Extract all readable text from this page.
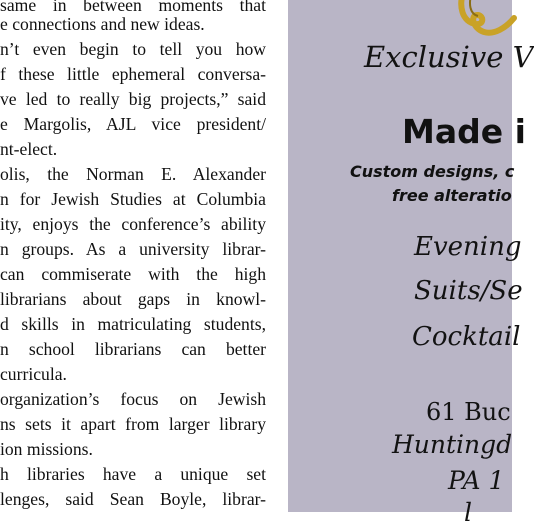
same in between moments that
e connections and new ideas.
n’t even begin to tell you how
f these little ephemeral conversa-
ve led to really big projects,” said
e Margolis, AJL vice president/
nt-elect.
olis, the Norman E. Alexander
n for Jewish Studies at Columbia
ity, enjoys the conference’s ability
n groups. As a university librar-
can commiserate with the high
librarians about gaps in knowl-
d skills in matriculating students,
n school librarians can better
curricula.
organization’s focus on Jewish
ns sets it apart from larger library
ion missions.
h libraries have a unique set
lenges, said Sean Boyle, librar-
Exclusive V
Made i
Custom designs, c
free alteratio
Evening
Suits/Se
Cocktail
61 Buc
Huntingd
PA 1
l
